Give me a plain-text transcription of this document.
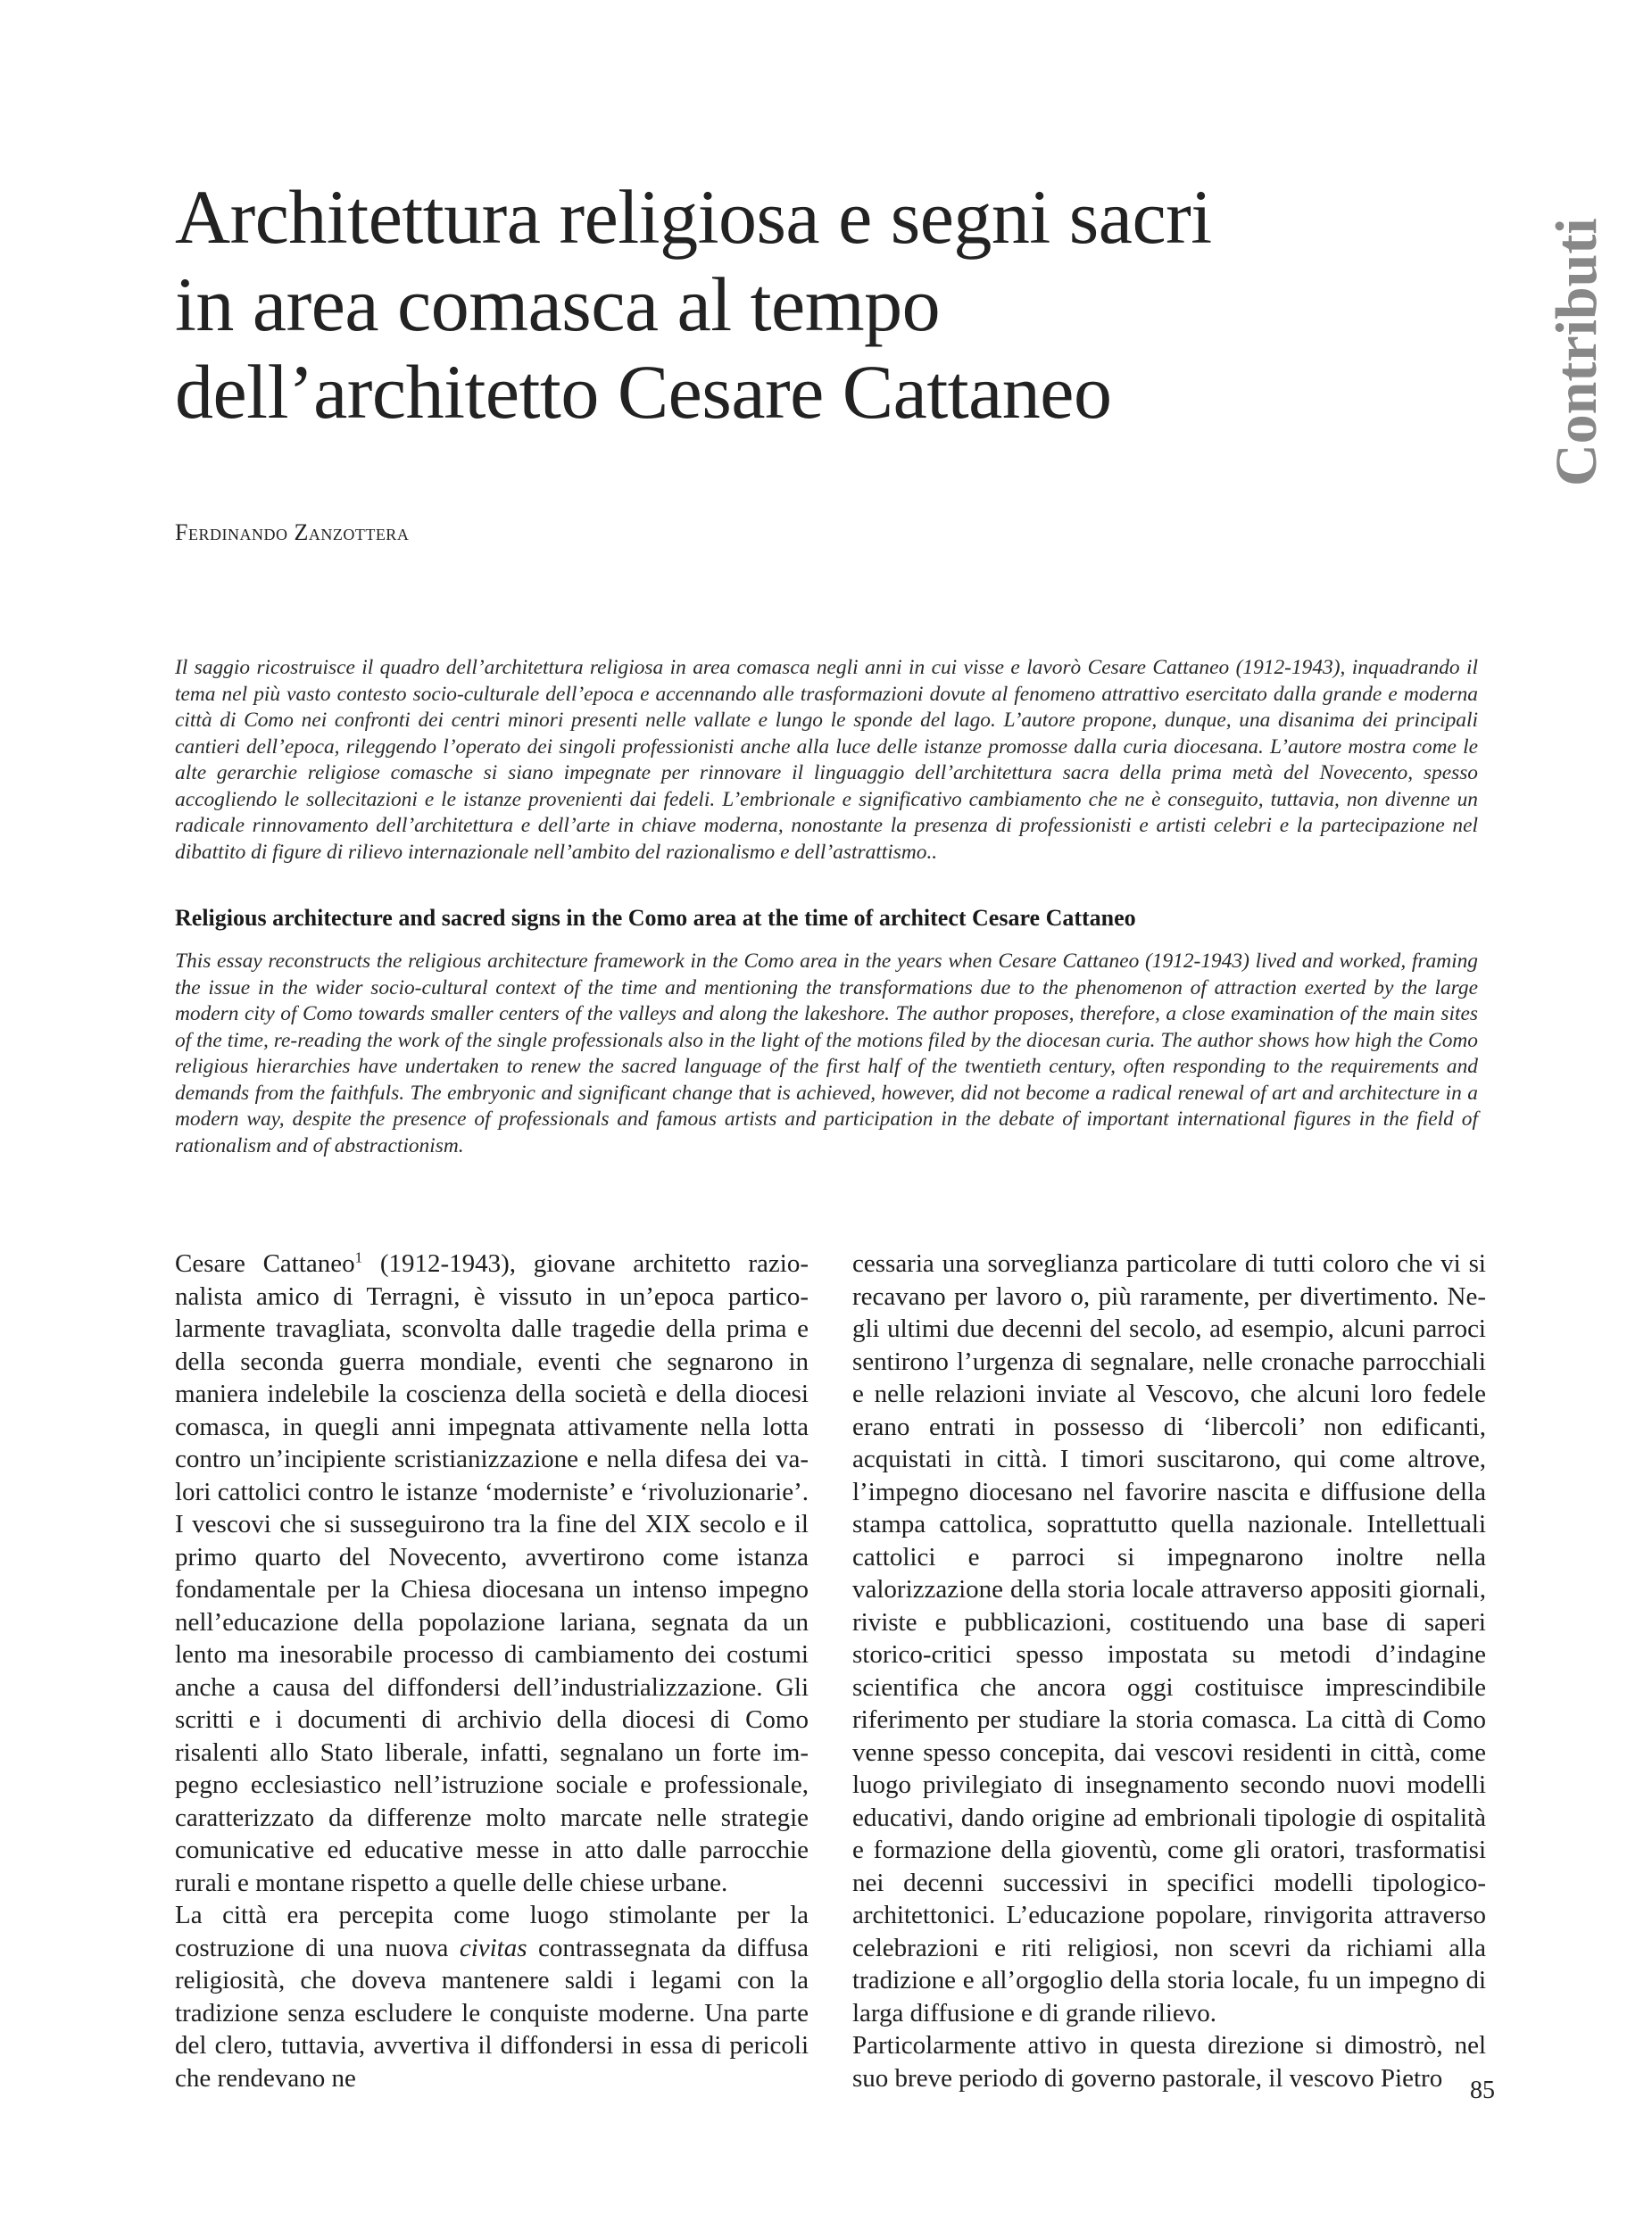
Architettura religiosa e segni sacri
in area comasca al tempo
dell’architetto Cesare Cattaneo	Contributi
Ferdinando Zanzottera

Il saggio ricostruisce il quadro dell’architettura religiosa in area comasca negli anni in cui visse e lavorò Cesare Cattaneo (1912-1943), inquadrando il tema nel più vasto contesto socio-culturale dell’epoca e accennando alle trasformazioni dovute al fenomeno attrattivo esercitato dalla grande e moderna città di Como nei confronti dei centri minori presenti nelle vallate e lungo le sponde del lago. L’autore propone, dunque, una disanima dei principali cantieri dell’epoca, rileggendo l’operato dei singoli professionisti anche alla luce delle istanze promosse dalla curia diocesana. L’autore mostra come le alte gerarchie religiose comasche si siano impegnate per rinnovare il linguaggio dell’architettura sacra della prima metà del Novecento, spesso accogliendo le sollecitazioni e le istanze provenienti dai fedeli. L’embrionale e significativo cambiamento che ne è conseguito, tuttavia, non divenne un radicale rinnovamento dell’architettura e dell’arte in chiave moderna, nonostante la presenza di professionisti e artisti celebri e la partecipazione nel dibattito di figure di rilievo internazionale nell’ambito del razionalismo e dell’astrattismo..

Religious architecture and sacred signs in the Como area at the time of architect Cesare Cattaneo

This essay reconstructs the religious architecture framework in the Como area in the years when Cesare Cattaneo (1912-1943) lived and worked, framing the issue in the wider socio-cultural context of the time and mentioning the transformations due to the phenomenon of attraction exerted by the large modern city of Como towards smaller centers of the valleys and along the lakeshore. The author proposes, therefore, a close examination of the main sites of the time, re-reading the work of the single professionals also in the light of the motions filed by the diocesan curia. The author shows how high the Como religious hierarchies have undertaken to renew the sacred language of the first half of the twentieth century, often responding to the requirements and demands from the faithfuls. The embryonic and significant change that is achieved, however, did not become a radical renewal of art and architecture in a modern way, despite the presence of professionals and famous artists and participation in the debate of important international figures in the field of rationalism and of abstractionism.

Cesare Cattaneo$^1$ (1912-1943), giovane architetto razionalista amico di Terragni, è vissuto in un’epoca particolarmente travagliata, sconvolta dalle tragedie della prima e della seconda guerra mondiale, eventi che segnarono in maniera indelebile la coscienza della società e della diocesi comasca, in quegli anni impegnata attivamente nella lotta contro un’incipiente scristianizzazione e nella difesa dei valori cattolici contro le istanze ‘moderniste’ e ‘rivoluzionarie’. I vescovi che si susseguirono tra la fine del XIX secolo e il primo quarto del Novecento, avvertirono come istanza fondamentale per la Chiesa diocesana un intenso impegno nell’educazione della popolazione lariana, segnata da un lento ma inesorabile processo di cambiamento dei costumi anche a causa del diffondersi dell’industrializzazione. Gli scritti e i documenti di archivio della diocesi di Como risalenti allo Stato liberale, infatti, segnalano un forte impegno ecclesiastico nell’istruzione sociale e professionale, caratterizzato da differenze molto marcate nelle strategie comunicative ed educative messe in atto dalle parrocchie rurali e montane rispetto a quelle delle chiese urbane.

La città era percepita come luogo stimolante per la costruzione di una nuova civitas contrassegnata da diffusa religiosità, che doveva mantenere saldi i legami con la tradizione senza escludere le conquiste moderne. Una parte del clero, tuttavia, avvertiva il diffondersi in essa di pericoli che rendevano ne

cessaria una sorveglianza particolare di tutti coloro che vi si recavano per lavoro o, più raramente, per divertimento. Negli ultimi due decenni del secolo, ad esempio, alcuni parroci sentirono l’urgenza di segnalare, nelle cronache parrocchiali e nelle relazioni inviate al Vescovo, che alcuni loro fedele erano entrati in possesso di ‘libercoli’ non edificanti, acquistati in città. I timori suscitarono, qui come altrove, l’impegno diocesano nel favorire nascita e diffusione della stampa cattolica, soprattutto quella nazionale. Intellettuali cattolici e parroci si impegnarono inoltre nella valorizzazione della storia locale attraverso appositi giornali, riviste e pubblicazioni, costituendo una base di saperi storico-critici spesso impostata su metodi d’indagine scientifica che ancora oggi costituisce imprescindibile riferimento per studiare la storia comasca. La città di Como venne spesso concepita, dai vescovi residenti in città, come luogo privilegiato di insegnamento secondo nuovi modelli educativi, dando origine ad embrionali tipologie di ospitalità e formazione della gioventù, come gli oratori, trasformatisi nei decenni successivi in specifici modelli tipologico-architettonici. L’educazione popolare, rinvigorita attraverso celebrazioni e riti religiosi, non scevri da richiami alla tradizione e all’orgoglio della storia locale, fu un impegno di larga diffusione e di grande rilievo.

Particolarmente attivo in questa direzione si dimostrò, nel suo breve periodo di governo pastorale, il vescovo Pietro	85
